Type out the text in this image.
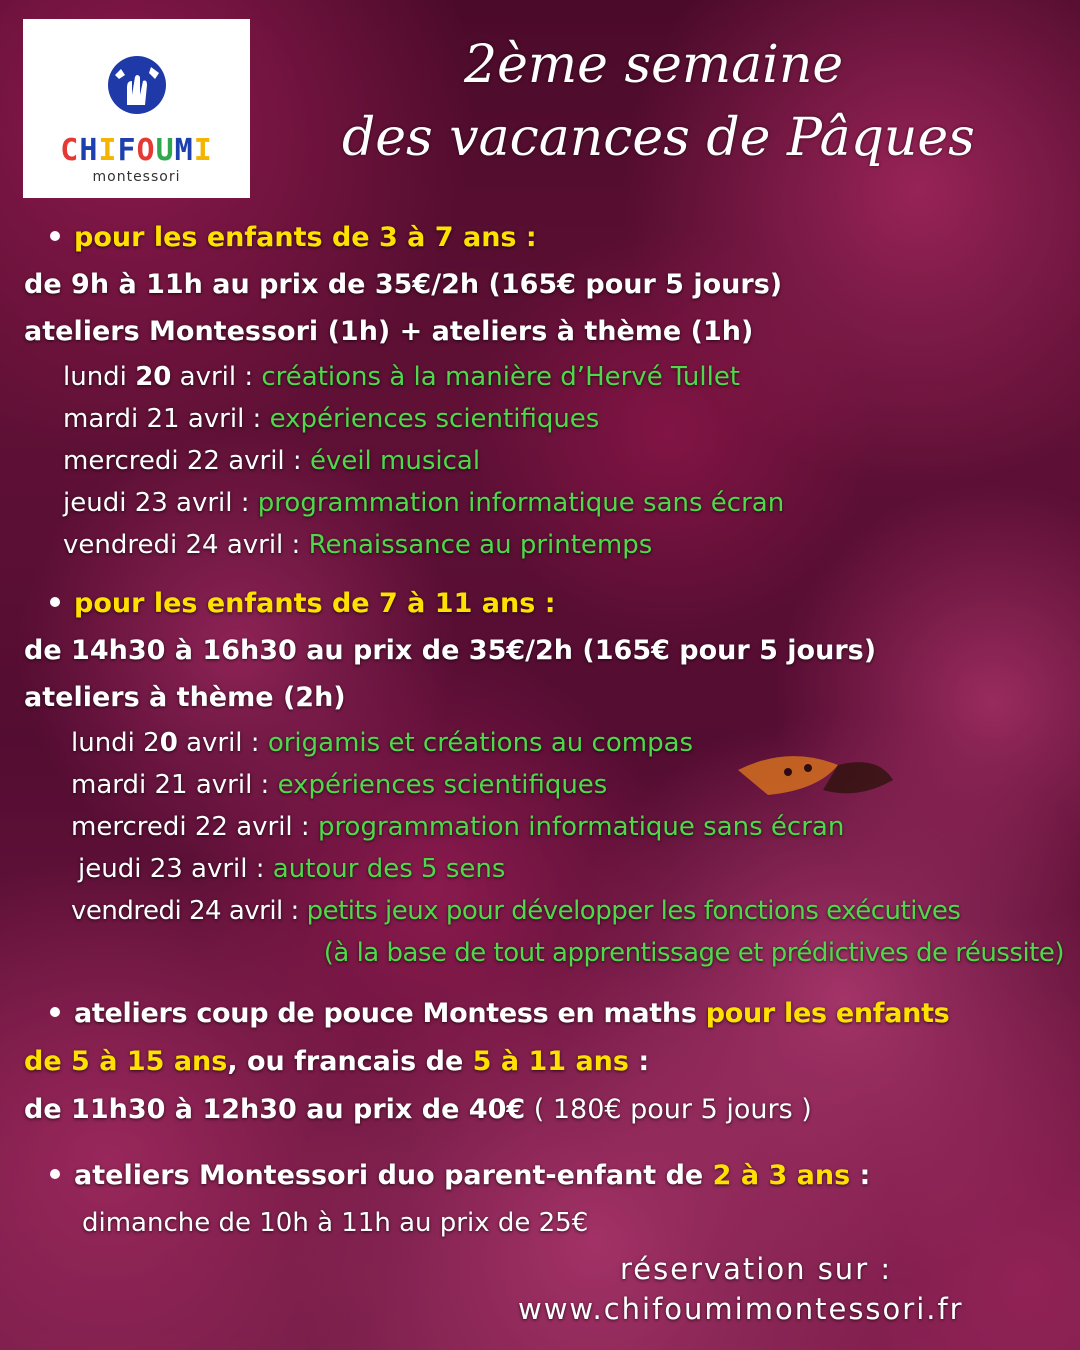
CHIFOUMI
montessori
2ème semaine
des vacances de Pâques
pour les enfants de 3 à 7 ans :
de 9h à 11h au prix de 35€/2h (165€ pour 5 jours)
ateliers Montessori (1h) + ateliers à thème (1h)
lundi 20 avril : créations à la manière d’Hervé Tullet
mardi 21 avril : expériences scientifiques
mercredi 22 avril : éveil musical
jeudi 23 avril : programmation informatique sans écran
vendredi 24 avril : Renaissance au printemps
pour les enfants de 7 à 11 ans :
de 14h30 à 16h30 au prix de 35€/2h (165€ pour 5 jours)
ateliers à thème (2h)
lundi 20 avril : origamis et créations au compas
mardi 21 avril : expériences scientifiques
mercredi 22 avril : programmation informatique sans écran
jeudi 23 avril : autour des 5 sens
vendredi 24 avril : petits jeux pour développer les fonctions exécutives
(à la base de tout apprentissage et prédictives de réussite)
ateliers coup de pouce Montess en maths pour les enfants
de 5 à 15 ans, ou francais de 5 à 11 ans :
de 11h30 à 12h30 au prix de 40€ ( 180€ pour 5 jours )
ateliers Montessori duo parent-enfant de 2 à 3 ans :
dimanche de 10h à 11h au prix de 25€
réservation sur :
www.chifoumimontessori.fr
